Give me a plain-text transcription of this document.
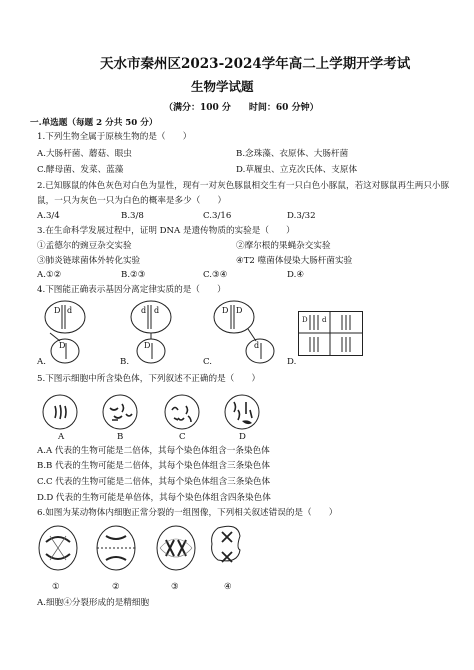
天水市秦州区2023-2024学年高二上学期开学考试
生物学试题
（满分：100 分　　时间：60 分钟）
一.单选题（每题 2 分共 50 分）
1.下列生物全属于原核生物的是（　　）
A.大肠杆菌、蘑菇、眼虫	B.念珠藻、衣原体、大肠杆菌
C.酵母菌、发菜、蓝藻	D.草履虫、立克次氏体、支原体
2.已知豚鼠的体色灰色对白色为显性，现有一对灰色豚鼠相交生有一只白色小豚鼠，若这对豚鼠再生两只小豚
鼠，一只为灰色一只为白色的概率是多少（　　）
A.3/4	B.3/8	C.3/16	D.3/32
3.在生命科学发展过程中，证明 DNA 是遗传物质的实验是（　　）
①孟德尔的豌豆杂交实验	②摩尔根的果蝇杂交实验
③肺炎链球菌体外转化实验	④T2 噬菌体侵染大肠杆菌实验
A.①②	B.②③	C.③④	D.④
4.下图能正确表示基因分离定律实质的是（　　）
D d
D
A.
d d
D
B.
D D
d
C.
D d
D.
5.下图示细胞中所含染色体，下列叙述不正确的是（　　）
A	B	C	D
A.A 代表的生物可能是二倍体，其每个染色体组含一条染色体
B.B 代表的生物可能是二倍体，其每个染色体组含三条染色体
C.C 代表的生物可能是二倍体，其每个染色体组含三条染色体
D.D 代表的生物可能是单倍体，其每个染色体组含四条染色体
6.如图为某动物体内细胞正常分裂的一组图像，下列相关叙述错误的是（　　）
①	②	③	④
A.细胞④分裂形成的是精细胞
